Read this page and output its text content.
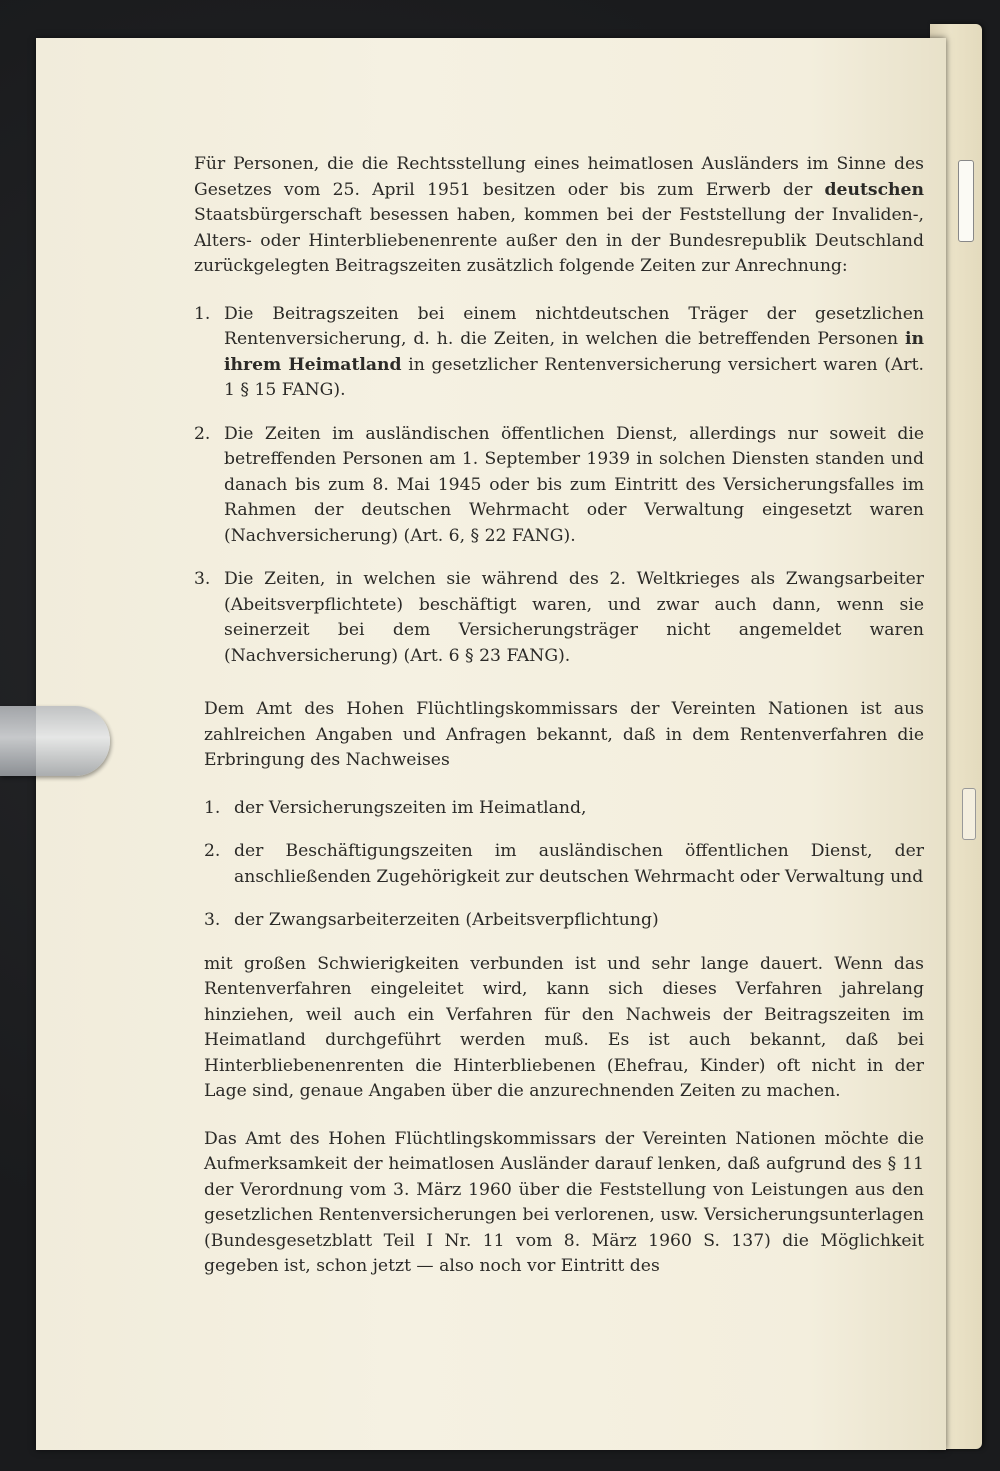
Für Personen, die die Rechtsstellung eines heimatlosen Ausländers im Sinne des Gesetzes vom 25. April 1951 besitzen oder bis zum Erwerb der deutschen Staatsbürgerschaft besessen haben, kommen bei der Feststellung der Invaliden-, Alters- oder Hinterbliebenenrente außer den in der Bundesrepublik Deutschland zurückgelegten Beitragszeiten zusätzlich folgende Zeiten zur Anrechnung:

1. Die Beitragszeiten bei einem nichtdeutschen Träger der gesetzlichen Rentenversicherung, d. h. die Zeiten, in welchen die betreffenden Personen in ihrem Heimatland in gesetzlicher Rentenversicherung versichert waren (Art. 1 § 15 FANG).

2. Die Zeiten im ausländischen öffentlichen Dienst, allerdings nur soweit die betreffenden Personen am 1. September 1939 in solchen Diensten standen und danach bis zum 8. Mai 1945 oder bis zum Eintritt des Versicherungsfalles im Rahmen der deutschen Wehrmacht oder Verwaltung eingesetzt waren (Nachversicherung) (Art. 6, § 22 FANG).

3. Die Zeiten, in welchen sie während des 2. Weltkrieges als Zwangsarbeiter (Abeitsverpflichtete) beschäftigt waren, und zwar auch dann, wenn sie seinerzeit bei dem Versicherungsträger nicht angemeldet waren (Nachversicherung) (Art. 6 § 23 FANG).

Dem Amt des Hohen Flüchtlingskommissars der Vereinten Nationen ist aus zahlreichen Angaben und Anfragen bekannt, daß in dem Rentenverfahren die Erbringung des Nachweises

1. der Versicherungszeiten im Heimatland,

2. der Beschäftigungszeiten im ausländischen öffentlichen Dienst, der anschließenden Zugehörigkeit zur deutschen Wehrmacht oder Verwaltung und

3. der Zwangsarbeiterzeiten (Arbeitsverpflichtung)

mit großen Schwierigkeiten verbunden ist und sehr lange dauert. Wenn das Rentenverfahren eingeleitet wird, kann sich dieses Verfahren jahrelang hinziehen, weil auch ein Verfahren für den Nachweis der Beitragszeiten im Heimatland durchgeführt werden muß. Es ist auch bekannt, daß bei Hinterbliebenenrenten die Hinterbliebenen (Ehefrau, Kinder) oft nicht in der Lage sind, genaue Angaben über die anzurechnenden Zeiten zu machen.

Das Amt des Hohen Flüchtlingskommissars der Vereinten Nationen möchte die Aufmerksamkeit der heimatlosen Ausländer darauf lenken, daß aufgrund des § 11 der Verordnung vom 3. März 1960 über die Feststellung von Leistungen aus den gesetzlichen Rentenversicherungen bei verlorenen, usw. Versicherungsunterlagen (Bundesgesetzblatt Teil I Nr. 11 vom 8. März 1960 S. 137) die Möglichkeit gegeben ist, schon jetzt — also noch vor Eintritt des
